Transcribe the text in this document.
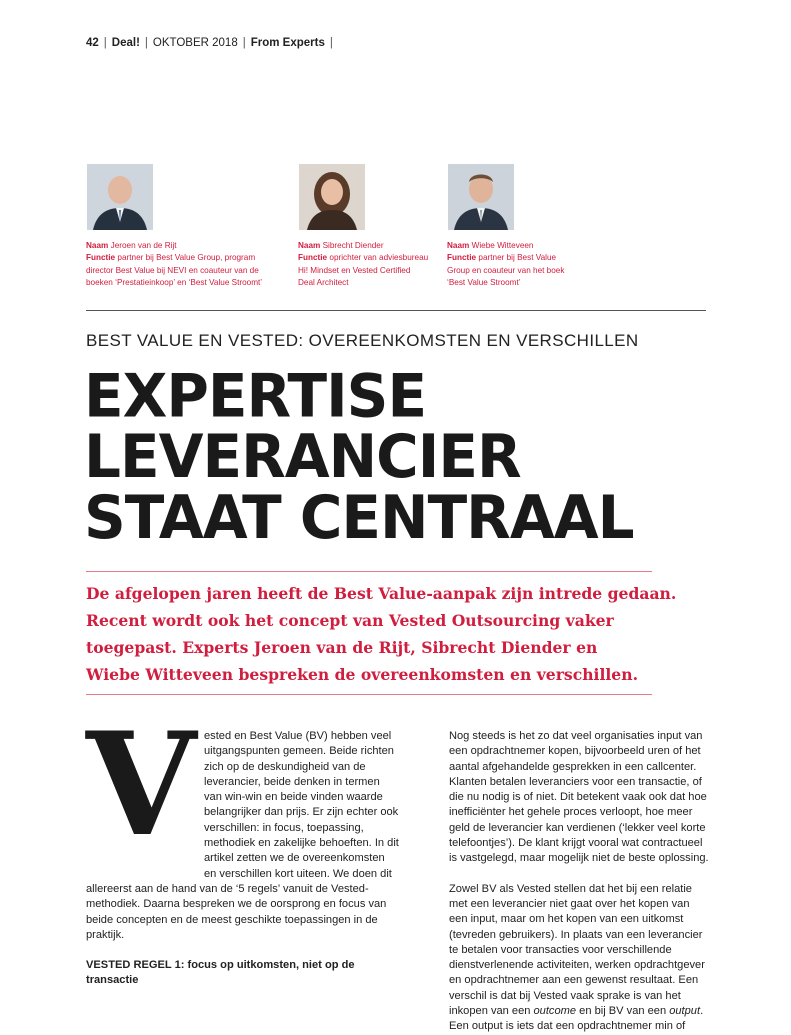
42 | Deal! | OKTOBER 2018 | From Experts |
Naam Jeroen van de Rijt
Functie partner bij Best Value Group, program
director Best Value bij NEVI en coauteur van de
boeken ‘Prestatieinkoop’ en ‘Best Value Stroomt’
Naam Sibrecht Diender
Functie oprichter van adviesbureau
Hi! Mindset en Vested Certified
Deal Architect
Naam Wiebe Witteveen
Functie partner bij Best Value
Group en coauteur van het boek
‘Best Value Stroomt’
BEST VALUE EN VESTED: OVEREENKOMSTEN EN VERSCHILLEN
EXPERTISE
LEVERANCIER
STAAT CENTRAAL
De afgelopen jaren heeft de Best Value-aanpak zijn intrede gedaan.
Recent wordt ook het concept van Vested Outsourcing vaker
toegepast. Experts Jeroen van de Rijt, Sibrecht Diender en
Wiebe Witteveen bespreken de overeenkomsten en verschillen.

Vested en Best Value (BV) hebben veel uitgangspunten gemeen. Beide richten zich op de deskundigheid van de leverancier, beide denken in termen van win-win en beide vinden waarde belangrijker dan prijs. Er zijn echter ook verschillen: in focus, toepassing, methodiek en zakelijke behoeften. In dit artikel zetten we de overeenkomsten en verschillen kort uiteen. We doen dit allereerst aan de hand van de ‘5 regels’ vanuit de Vested-methodiek. Daarna bespreken we de oorsprong en focus van beide concepten en de meest geschikte toepassingen in de praktijk.

VESTED REGEL 1: focus op uitkomsten, niet op de transactie

Nog steeds is het zo dat veel organisaties input van een opdrachtnemer kopen, bijvoorbeeld uren of het aantal afgehandelde gesprekken in een callcenter. Klanten betalen leveranciers voor een transactie, of die nu nodig is of niet. Dit betekent vaak ook dat hoe inefficiënter het gehele proces verloopt, hoe meer geld de leverancier kan verdienen (‘lekker veel korte telefoontjes’). De klant krijgt vooral wat contractueel is vastgelegd, maar mogelijk niet de beste oplossing.

Zowel BV als Vested stellen dat het bij een relatie met een leverancier niet gaat over het kopen van een input, maar om het kopen van een uitkomst (tevreden gebruikers). In plaats van een leverancier te betalen voor transacties voor verschillende dienstverlenende activiteiten, werken opdrachtgever en opdrachtnemer aan een gewenst resultaat. Een verschil is dat bij Vested vaak sprake is van het inkopen van een outcome en bij BV van een output. Een output is iets dat een opdrachtnemer min of
